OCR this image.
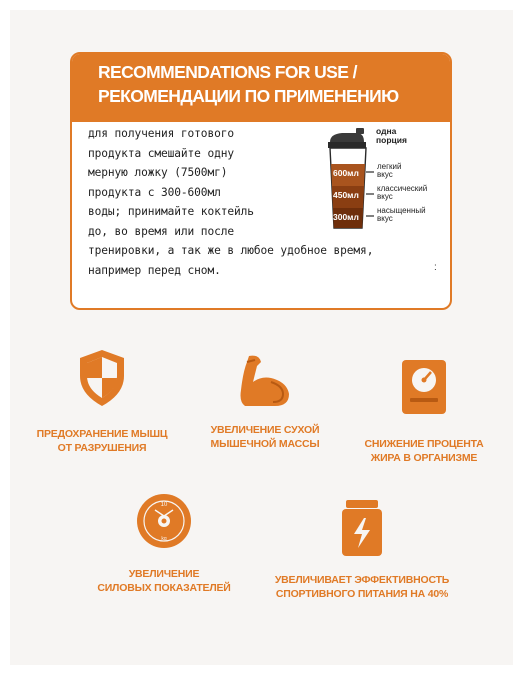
RECOMMENDATIONS FOR USE /
РЕКОМЕНДАЦИИ ПО ПРИМЕНЕНИЮ
для получения готового
продукта смешайте одну
мерную ложку (7500мг)
продукта с 300-600мл
воды; принимайте коктейль
до, во время или после
тренировки, а так же в любое удобное время,
например перед сном.
600мл
450мл
300мл
одна
порция
легкий
вкус
классический
вкус
насыщенный
вкус
:
ПРЕДОХРАНЕНИЕ МЫШЦ
ОТ РАЗРУШЕНИЯ
УВЕЛИЧЕНИЕ СУХОЙ
МЫШЕЧНОЙ МАССЫ	СНИЖЕНИЕ ПРОЦЕНТА
ЖИРА В ОРГАНИЗМЕ
10
kg
УВЕЛИЧЕНИЕ
СИЛОВЫХ ПОКАЗАТЕЛЕЙ
УВЕЛИЧИВАЕТ ЭФФЕКТИВНОСТЬ
СПОРТИВНОГО ПИТАНИЯ НА 40%
